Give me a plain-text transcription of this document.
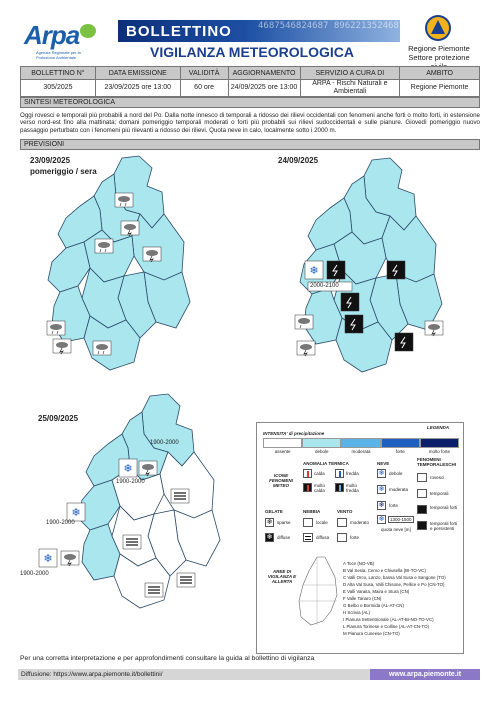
Arpa
Agenzia Regionale per la Protezione Ambientale
BOLLETTINO	4687546824687 8962213524687546
VIGILANZA METEOROLOGICA	Regione Piemonte
Settore protezione
BOLLETTINO N°	DATA EMISSIONE	VALIDITÀ	AGGIORNAMENTO	SERVIZIO A CURA DI	AMBITO
305/2025	23/09/2025 ore 13:00	60 ore	24/09/2025 ore 13:00	ARPA - Rischi Naturali e Ambientali	Regione Piemonte
SINTESI METEOROLOGICA
Oggi rovesci e temporali più probabili a nord del Po. Dalla notte innesco di temporali a ridosso dei rilievi occidentali con fenomeni anche forti o molto forti, in estensione verso nord-est fino alla mattinata; domani pomeriggio temporali moderati o forti più probabili sui rilievi sudoccidentali e sulle pianure. Giovedì pomeriggio nuovo passaggio perturbato con i fenomeni più rilevanti a ridosso dei rilievi. Quota neve in calo, localmente sotto i 2000 m.
PREVISIONI
23/09/2025
pomeriggio / sera
24/09/2025
❄
2000-2100
25/09/2025
❄
❄
❄
1900-2000
1900-2000
1900-2000
1900-2000
LEGENDA
INTENSITA' di precipitazione
assente	debole	moderata	forte	molto forte
ICONE FENOMENI METEO
ANOMALIA TERMICA
calda	fredda
molto calda
molto fredda
NEVE
❄	debole
❄	moderata
❄	forte
❄	1300-1500
quota neve [m]
FENOMENI TEMPORALESCHI
rovesci
temporali
temporali forti
temporali forti e persistenti
GELATE	NEBBIA	VENTO
❄	sparse
❄	diffuse
locale
diffusa
moderato
forte
AREE DI VIGILANZA E ALLERTA
A Toce (NO-VB)
B Val Sesia, Cervo e Chiusella (BI-TO-VC)
C Valli Orco, Lanzo, bassa Val Susa e Sangone (TO)
D Alta Val Susa, Valli Chisone, Pellice e Po (CN-TO)
E Valli Varaita, Maira e Stura (CN)
F Valle Tanaro (CN)
G Belbo e Bormida (AL-AT-CN)
H Scrivia (AL)
I Pianura Settentrionale (AL-AT-BI-NO-TO-VC)
L Pianura Torinese e Colline (AL-AT-CN-TO)
M Pianura Cuneese (CN-TO)
Per una corretta interpretazione e per approfondimenti consultare la guida al bollettino di vigilanza
Diffusione: https://www.arpa.piemonte.it/bollettini/	www.arpa.piemonte.it
